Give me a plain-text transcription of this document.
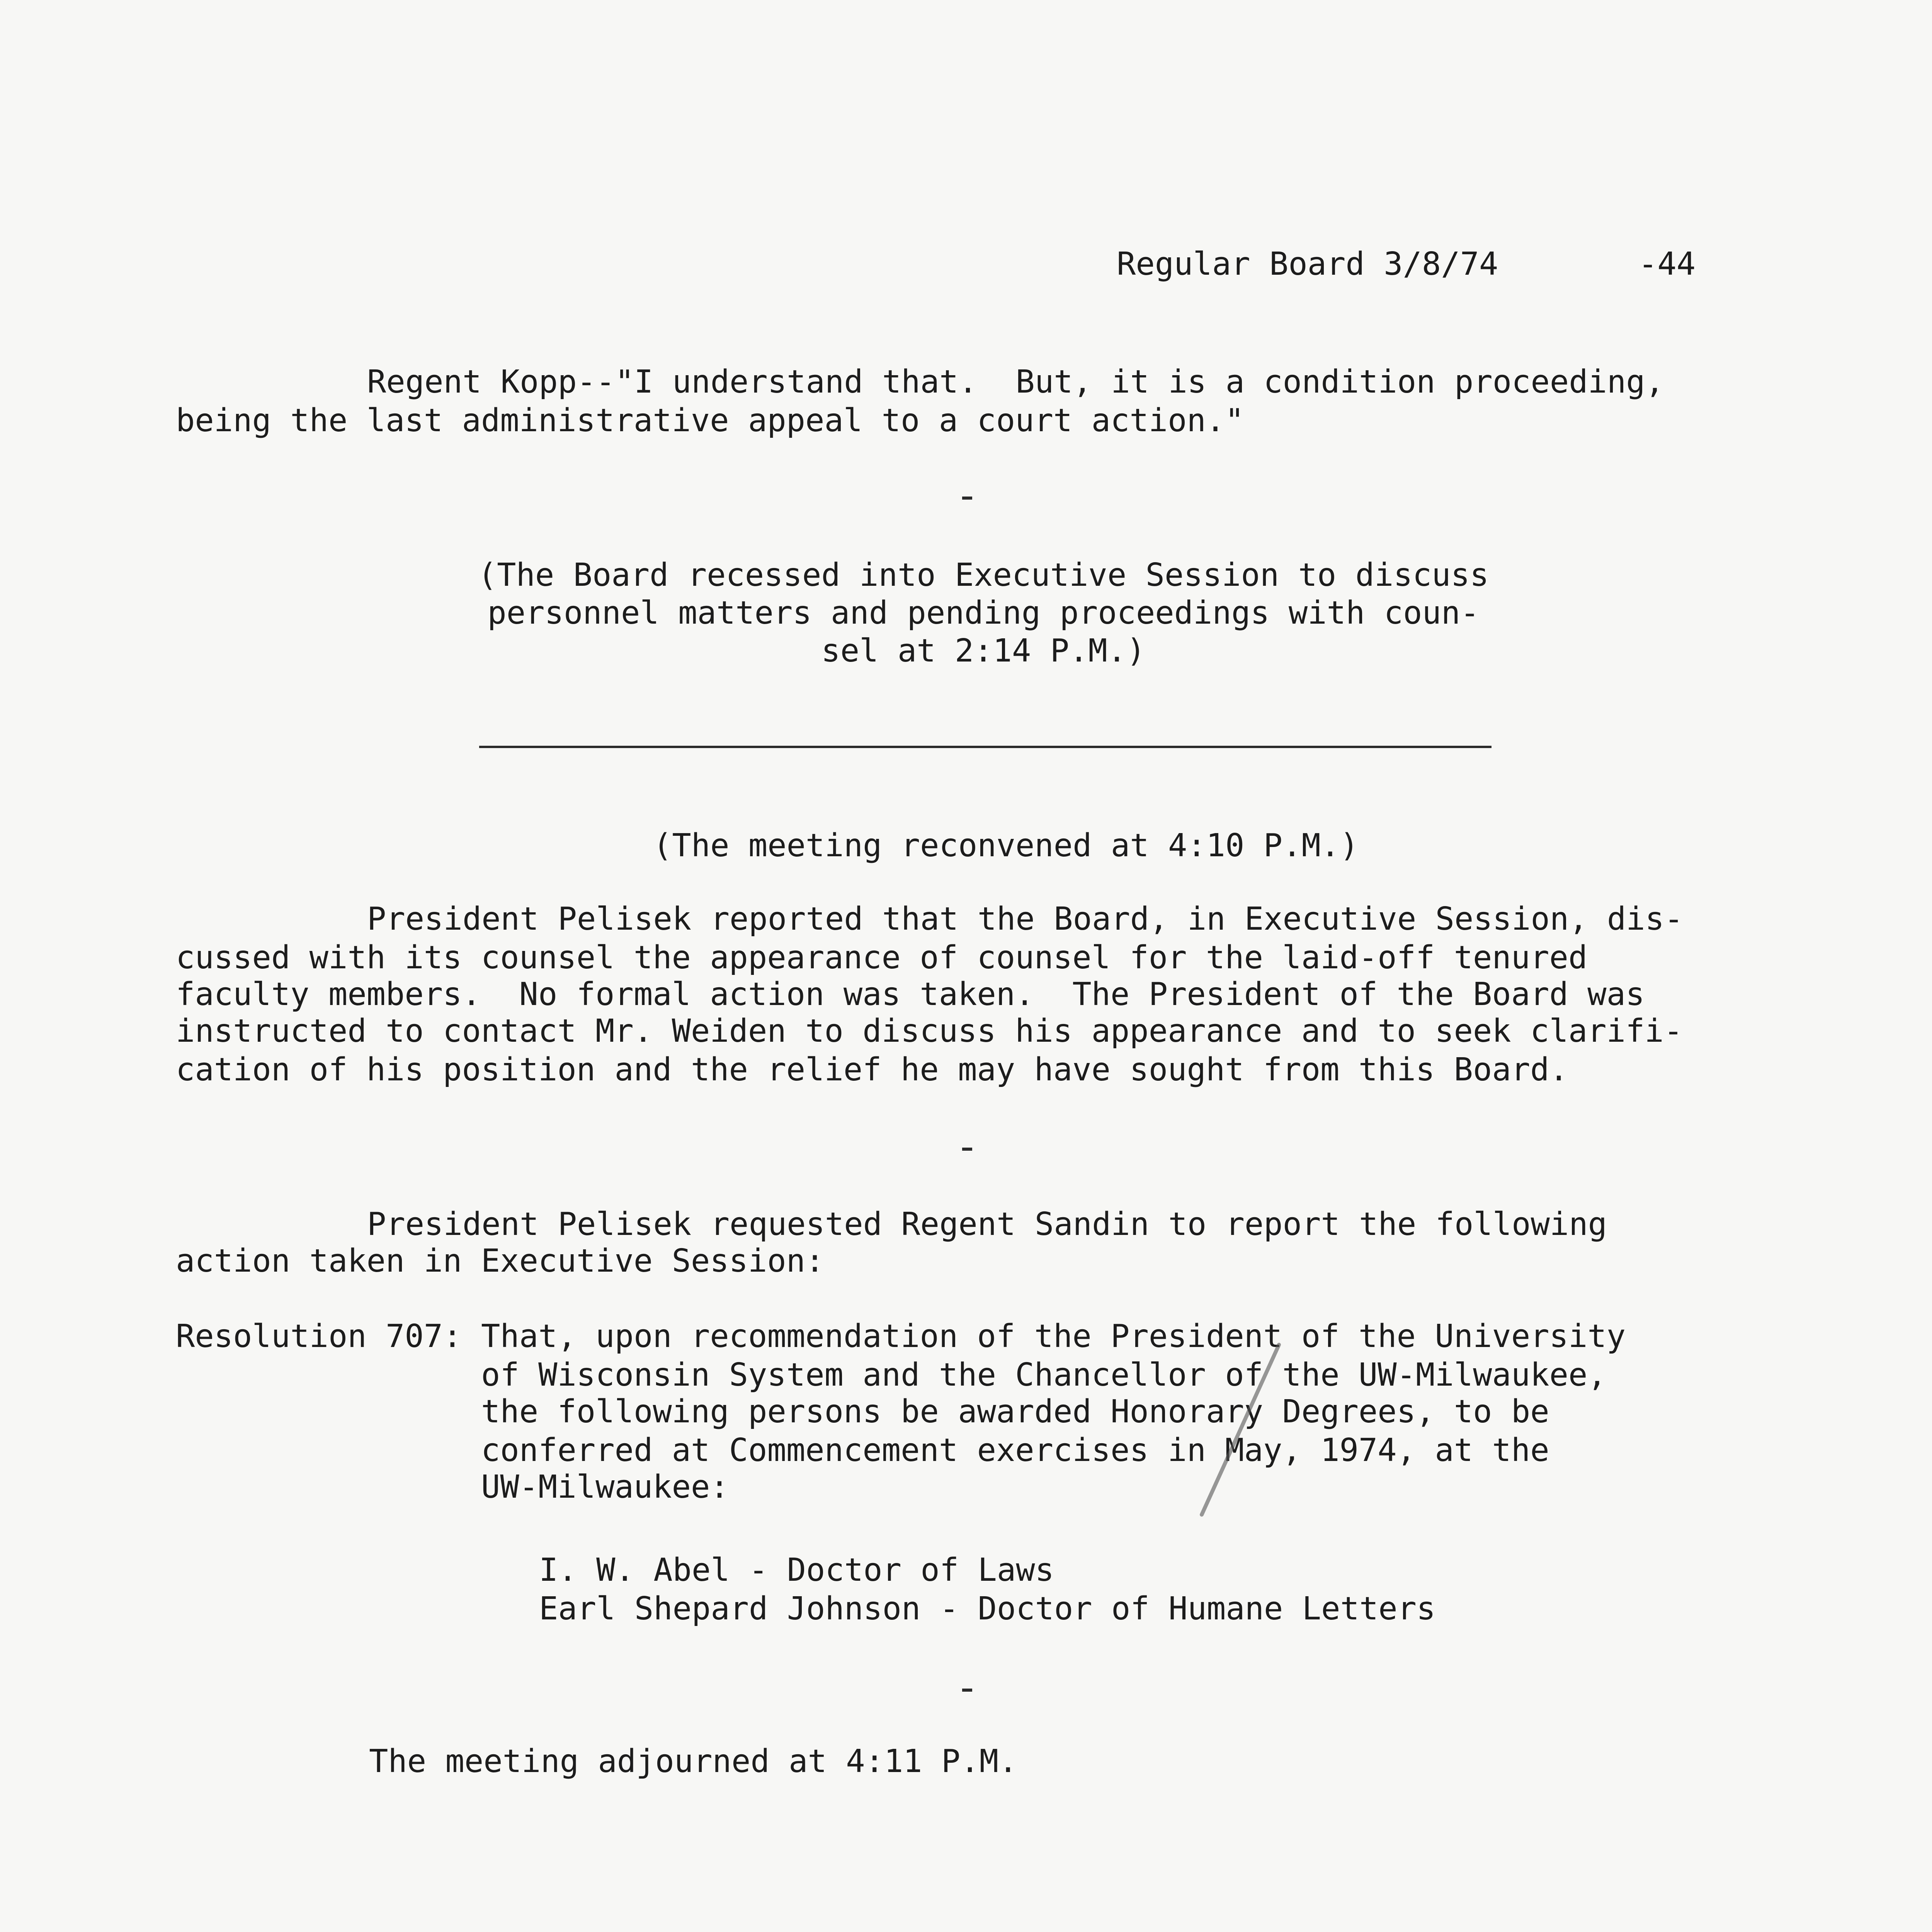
Regular Board 3/8/74	-44
Regent Kopp--"I understand that.  But, it is a condition proceeding,
being the last administrative appeal to a court action."
(The Board recessed into Executive Session to discuss personnel matters and pending proceedings with coun- sel at 2:14 P.M.)
(The meeting reconvened at 4:10 P.M.)
President Pelisek reported that the Board, in Executive Session, dis-
cussed with its counsel the appearance of counsel for the laid-off tenured
faculty members.  No formal action was taken.  The President of the Board was
instructed to contact Mr. Weiden to discuss his appearance and to seek clarifi-
cation of his position and the relief he may have sought from this Board.
President Pelisek requested Regent Sandin to report the following
action taken in Executive Session:
Resolution 707: That, upon recommendation of the President of the University
of Wisconsin System and the Chancellor of the UW-Milwaukee,
the following persons be awarded Honorary Degrees, to be
conferred at Commencement exercises in May, 1974, at the
UW-Milwaukee:
I. W. Abel - Doctor of Laws
Earl Shepard Johnson - Doctor of Humane Letters
The meeting adjourned at 4:11 P.M.
